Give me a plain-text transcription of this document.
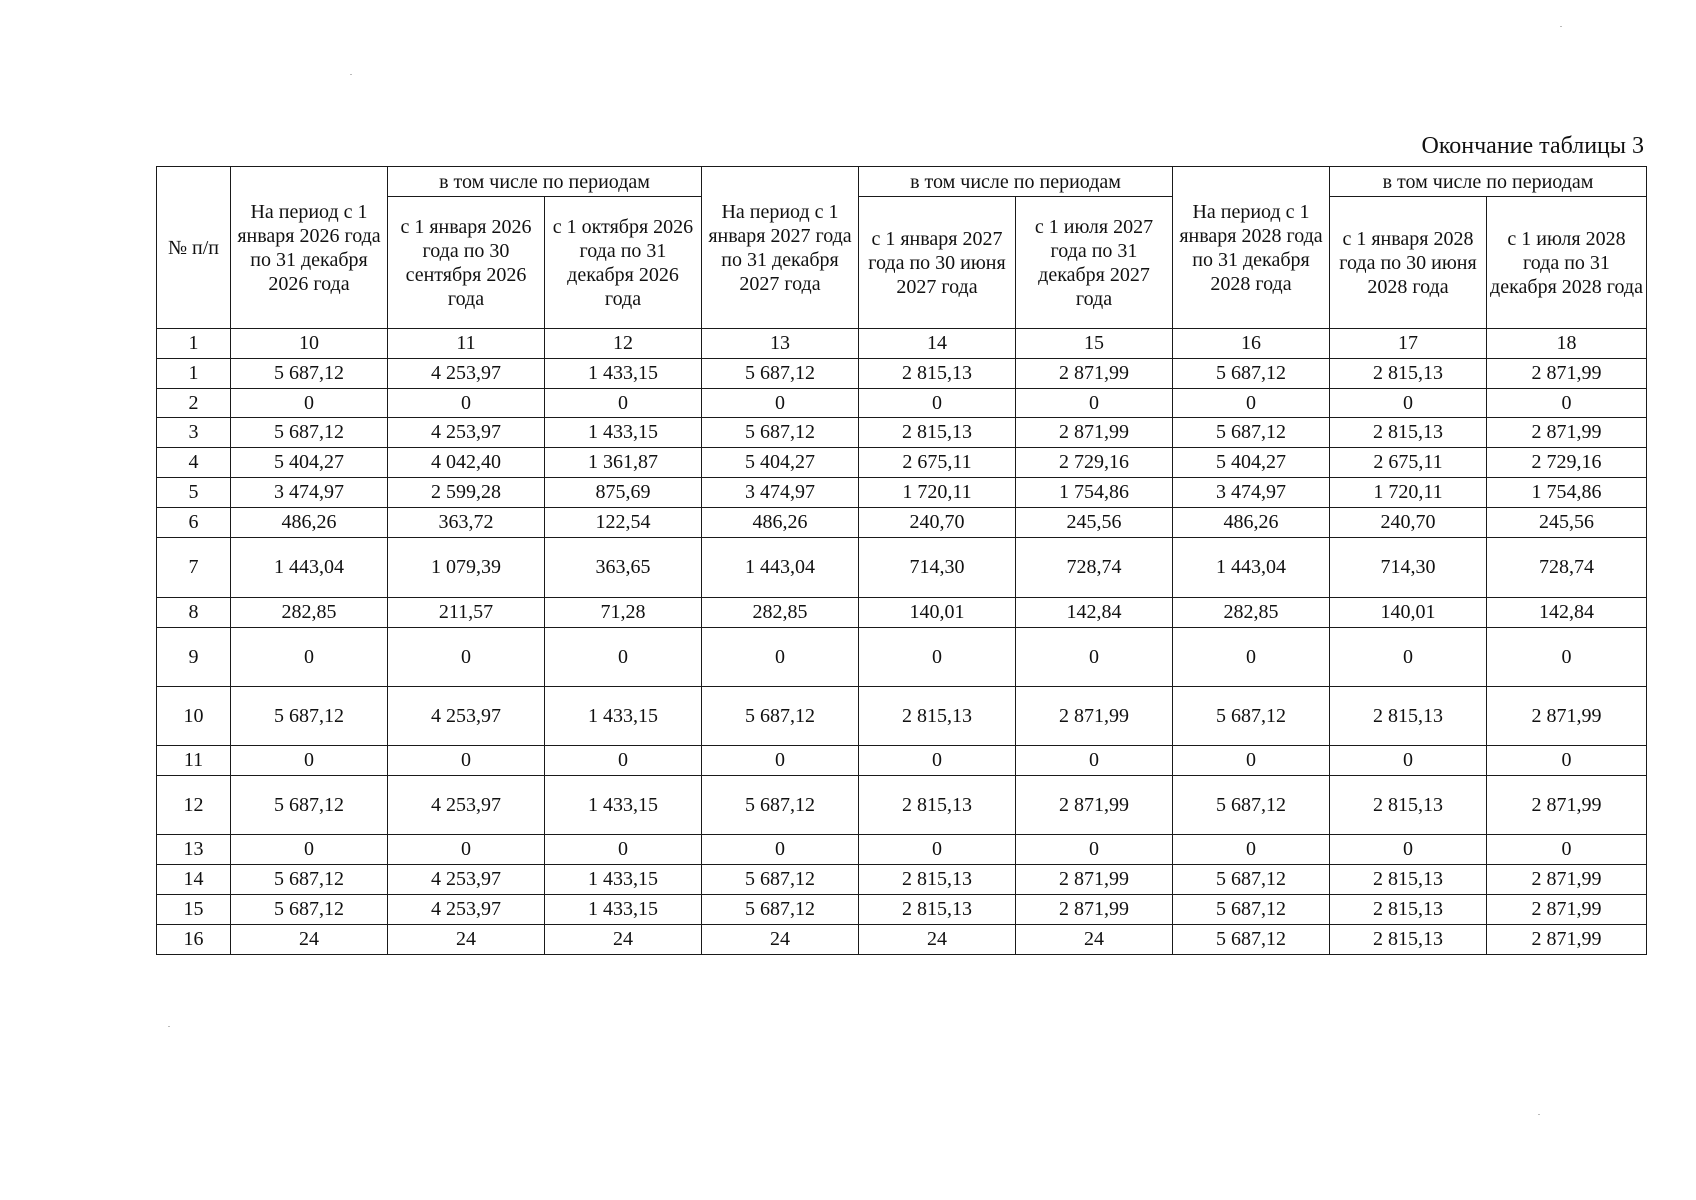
Окончание таблицы 3
№ п/п	На период с 1 января 2026 года по 31 декабря 2026 года	в том числе по периодам		На период с 1 января 2027 года по 31 декабря 2027 года	в том числе по периодам		На период с 1 января 2028 года по 31 декабря 2028 года	в том числе по периодам	
		с 1 января 2026 года по 30 сентября 2026 года	с 1 октября 2026 года по 31 декабря 2026 года		с 1 января 2027 года по 30 июня 2027 года	с 1 июля 2027 года по 31 декабря 2027 года		с 1 января 2028 года по 30 июня 2028 года	с 1 июля 2028 года по 31 декабря 2028 года
1	10	11	12	13	14	15	16	17	18
1	5 687,12	4 253,97	1 433,15	5 687,12	2 815,13	2 871,99	5 687,12	2 815,13	2 871,99
2	0	0	0	0	0	0	0	0	0
3	5 687,12	4 253,97	1 433,15	5 687,12	2 815,13	2 871,99	5 687,12	2 815,13	2 871,99
4	5 404,27	4 042,40	1 361,87	5 404,27	2 675,11	2 729,16	5 404,27	2 675,11	2 729,16
5	3 474,97	2 599,28	875,69	3 474,97	1 720,11	1 754,86	3 474,97	1 720,11	1 754,86
6	486,26	363,72	122,54	486,26	240,70	245,56	486,26	240,70	245,56
7	1 443,04	1 079,39	363,65	1 443,04	714,30	728,74	1 443,04	714,30	728,74
8	282,85	211,57	71,28	282,85	140,01	142,84	282,85	140,01	142,84
9	0	0	0	0	0	0	0	0	0
10	5 687,12	4 253,97	1 433,15	5 687,12	2 815,13	2 871,99	5 687,12	2 815,13	2 871,99
11	0	0	0	0	0	0	0	0	0
12	5 687,12	4 253,97	1 433,15	5 687,12	2 815,13	2 871,99	5 687,12	2 815,13	2 871,99
13	0	0	0	0	0	0	0	0	0
14	5 687,12	4 253,97	1 433,15	5 687,12	2 815,13	2 871,99	5 687,12	2 815,13	2 871,99
15	5 687,12	4 253,97	1 433,15	5 687,12	2 815,13	2 871,99	5 687,12	2 815,13	2 871,99
16	24	24	24	24	24	24	5 687,12	2 815,13	2 871,99
